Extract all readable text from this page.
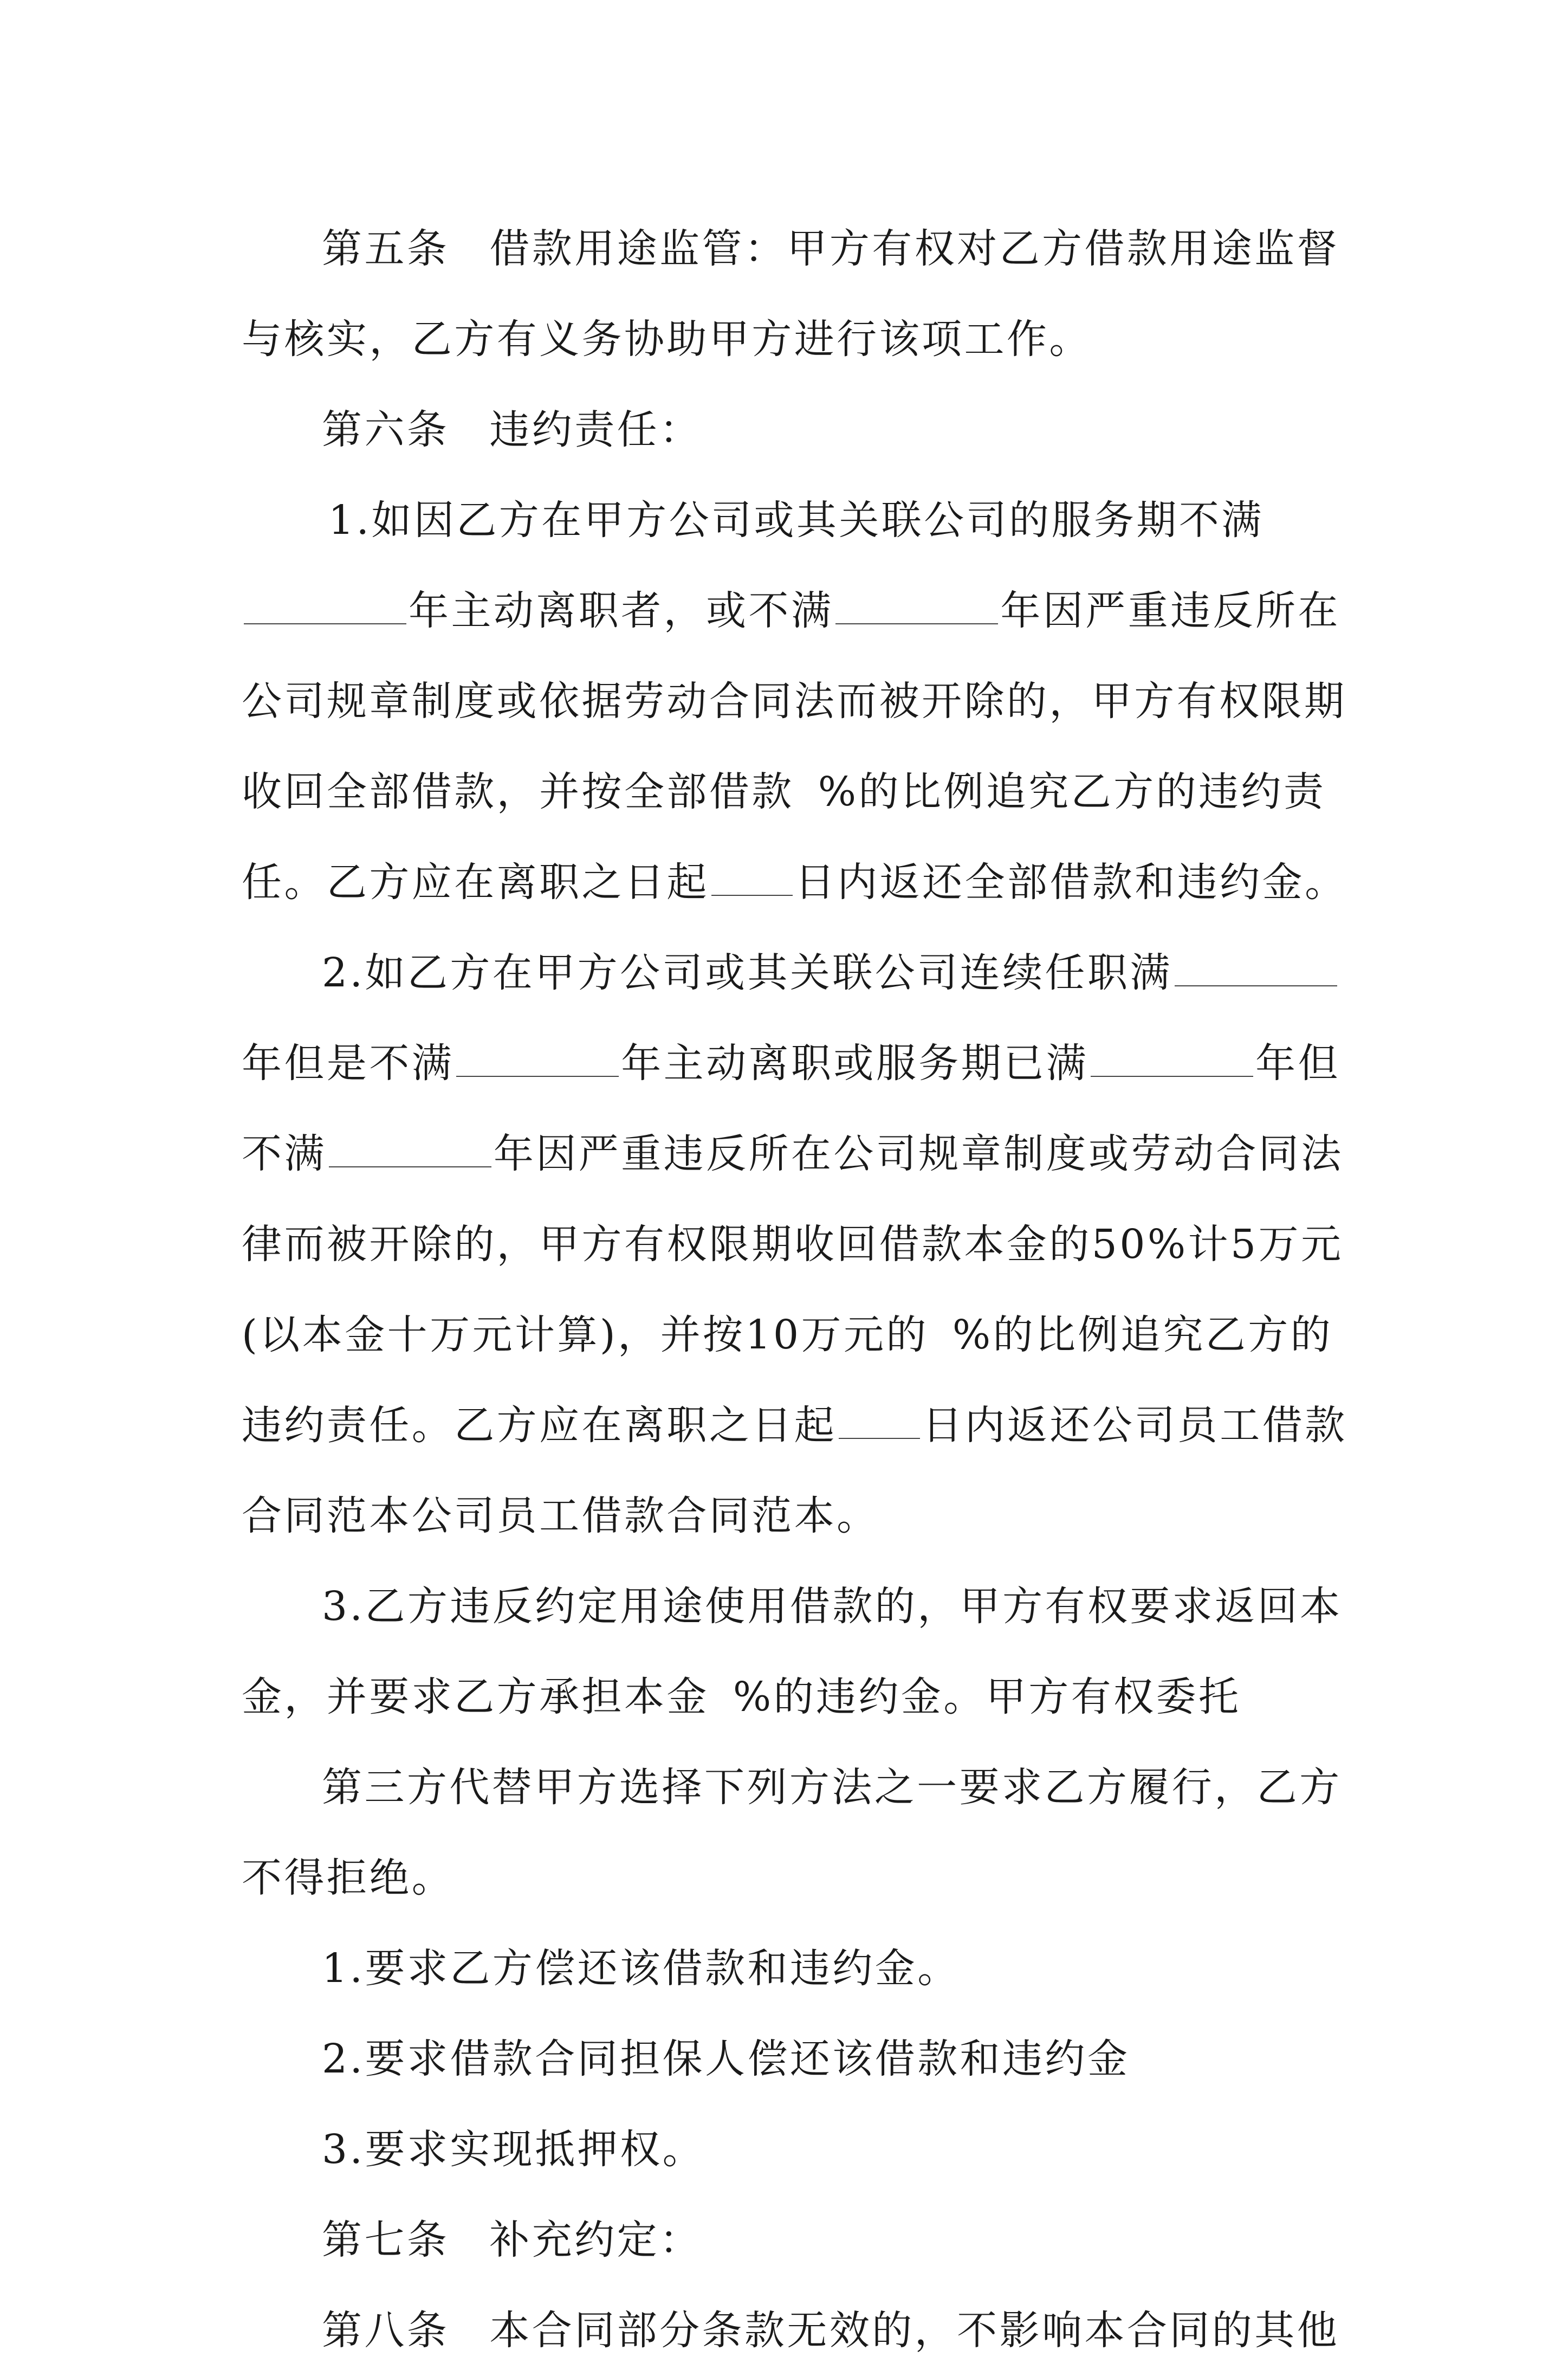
第五条 借款用途监管：甲方有权对乙方借款用途监督
与核实，乙方有义务协助甲方进行该项工作。
第六条 违约责任：
1.如因乙方在甲方公司或其关联公司的服务期不满
年主动离职者，或不满	年因严重违反所在
公司规章制度或依据劳动合同法而被开除的，甲方有权限期
收回全部借款，并按全部借款 %的比例追究乙方的违约责
任。乙方应在离职之日起 日内返还全部借款和违约金。
2.如乙方在甲方公司或其关联公司连续任职满
年但是不满	年主动离职或服务期已满	年但
不满	年因严重违反所在公司规章制度或劳动合同法
律而被开除的，甲方有权限期收回借款本金的50%计5万元
(以本金十万元计算)，并按10万元的 %的比例追究乙方的
违约责任。乙方应在离职之日起 日内返还公司员工借款
合同范本公司员工借款合同范本。
3.乙方违反约定用途使用借款的，甲方有权要求返回本
金，并要求乙方承担本金 %的违约金。甲方有权委托
第三方代替甲方选择下列方法之一要求乙方履行，乙方
不得拒绝。
1.要求乙方偿还该借款和违约金。
2.要求借款合同担保人偿还该借款和违约金
3.要求实现抵押权。
第七条 补充约定：
第八条 本合同部分条款无效的，不影响本合同的其他
